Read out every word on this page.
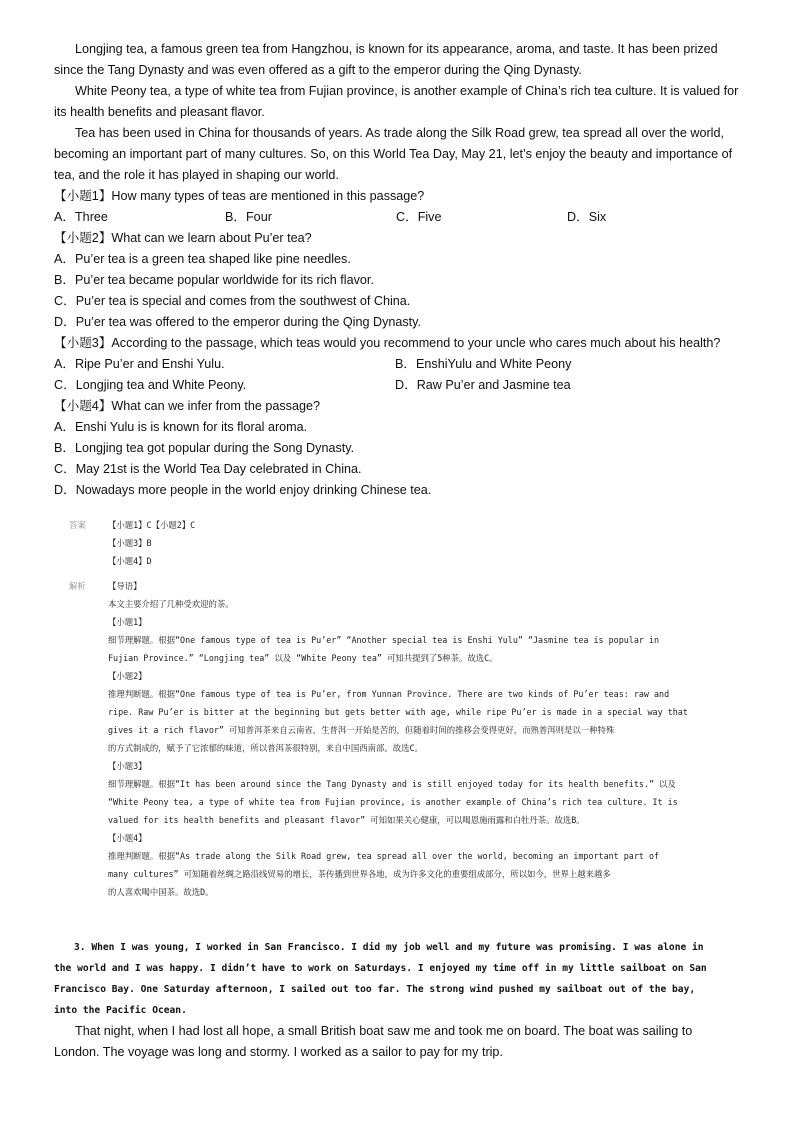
Longjing tea, a famous green tea from Hangzhou, is known for its appearance, aroma, and taste. It has been prized since the Tang Dynasty and was even offered as a gift to the emperor during the Qing Dynasty.

White Peony tea, a type of white tea from Fujian province, is another example of China’s rich tea culture. It is valued for its health benefits and pleasant flavor.

Tea has been used in China for thousands of years. As trade along the Silk Road grew, tea spread all over the world, becoming an important part of many cultures. So, on this World Tea Day, May 21, let’s enjoy the beauty and importance of tea, and the role it has played in shaping our world.

【小题1】How many types of teas are mentioned in this passage?

A．Three	B．Four	C．Five	D．Six

【小题2】What can we learn about Pu’er tea?

A．Pu’er tea is a green tea shaped like pine needles.

B．Pu’er tea became popular worldwide for its rich flavor.

C．Pu’er tea is special and comes from the southwest of China.

D．Pu’er tea was offered to the emperor during the Qing Dynasty.

【小题3】According to the passage, which teas would you recommend to your uncle who cares much about his health?

A．Ripe Pu’er and Enshi Yulu.	B．EnshiYulu and White Peony
C．Longjing tea and White Peony.	D．Raw Pu’er and Jasmine tea

【小题4】What can we infer from the passage?

A．Enshi Yulu is is known for its floral aroma.

B．Longjing tea got popular during the Song Dynasty.

C．May 21st is the World Tea Day celebrated in China.

D．Nowadays more people in the world enjoy drinking Chinese tea.

答案	【小题1】C【小题2】C

【小题3】B

【小题4】D

解析	【导语】

本文主要介绍了几种受欢迎的茶。

【小题1】

细节理解题。根据“One famous type of tea is Pu’er” “Another special tea is Enshi Yulu” “Jasmine tea is popular in

Fujian Province.” “Longjing tea” 以及 “White Peony tea” 可知共提到了5种茶。故选C。

【小题2】

推理判断题。根据“One famous type of tea is Pu’er, from Yunnan Province. There are two kinds of Pu’er teas: raw and

ripe. Raw Pu’er is bitter at the beginning but gets better with age, while ripe Pu’er is made in a special way that

gives it a rich flavor” 可知普洱茶来自云南省，生普洱一开始是苦的，但随着时间的推移会变得更好，而熟普洱则是以一种特殊

的方式制成的，赋予了它浓郁的味道，所以普洱茶很特别，来自中国西南部。故选C。

【小题3】

细节理解题。根据“It has been around since the Tang Dynasty and is still enjoyed today for its health benefits.” 以及

“White Peony tea, a type of white tea from Fujian province, is another example of China’s rich tea culture. It is

valued for its health benefits and pleasant flavor” 可知如果关心健康，可以喝恩施雨露和白牡丹茶。故选B。

【小题4】

推理判断题。根据“As trade along the Silk Road grew, tea spread all over the world, becoming an important part of

many cultures” 可知随着丝绸之路沿线贸易的增长，茶传播到世界各地，成为许多文化的重要组成部分，所以如今，世界上越来越多

的人喜欢喝中国茶。故选D。

3. When I was young, I worked in San Francisco. I did my job well and my future was promising. I was alone in

the world and I was happy. I didn’t have to work on Saturdays. I enjoyed my time off in my little sailboat on San

Francisco Bay. One Saturday afternoon, I sailed out too far. The strong wind pushed my sailboat out of the bay,

into the Pacific Ocean.

That night, when I had lost all hope, a small British boat saw me and took me on board. The boat was sailing to London. The voyage was long and stormy. I worked as a sailor to pay for my trip.
